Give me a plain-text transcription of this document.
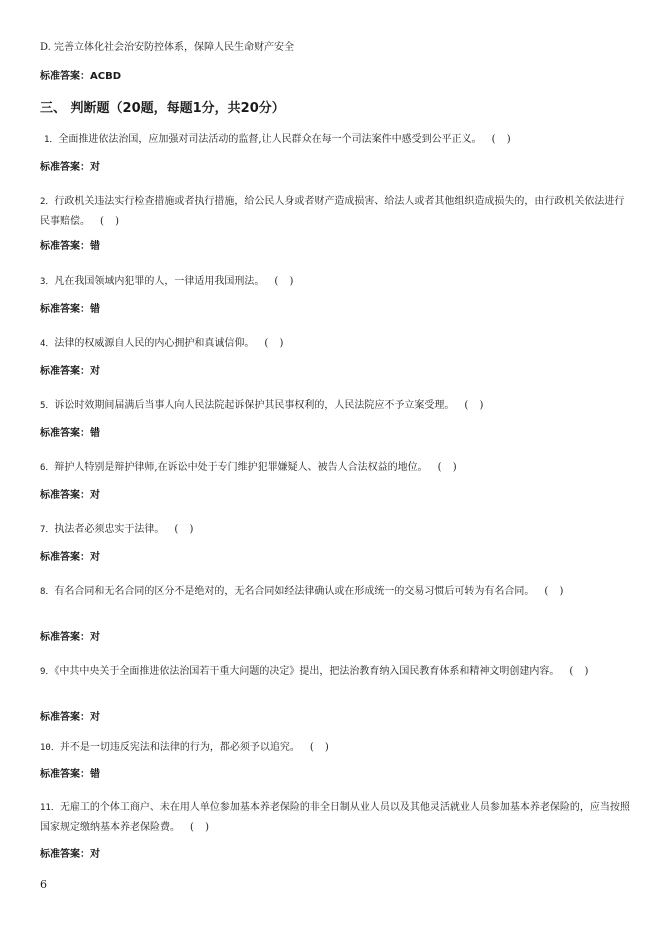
D. 完善立体化社会治安防控体系，保障人民生命财产安全
标准答案：ACBD
三、 判断题（20题，每题1分，共20分）
1．全面推进依法治国，应加强对司法活动的监督,让人民群众在每一个司法案件中感受到公平正义。 ( )
标准答案：对
2．行政机关违法实行检查措施或者执行措施，给公民人身或者财产造成损害、给法人或者其他组织造成损失的，由行政机关依法进行民事赔偿。 ( )
标准答案：错
3．凡在我国领域内犯罪的人，一律适用我国刑法。 ( )
标准答案：错
4．法律的权威源自人民的内心拥护和真诚信仰。 ( )
标准答案：对
5．诉讼时效期间届满后当事人向人民法院起诉保护其民事权利的，人民法院应不予立案受理。 ( )
标准答案：错
6．辩护人特别是辩护律师,在诉讼中处于专门维护犯罪嫌疑人、被告人合法权益的地位。 ( )
标准答案：对
7．执法者必须忠实于法律。 ( )
标准答案：对
8．有名合同和无名合同的区分不是绝对的，无名合同如经法律确认或在形成统一的交易习惯后可转为有名合同。 ( )
标准答案：对
9．《中共中央关于全面推进依法治国若干重大问题的决定》提出，把法治教育纳入国民教育体系和精神文明创建内容。 ( )
标准答案：对
10．并不是一切违反宪法和法律的行为，都必须予以追究。 ( )
标准答案：错
11．无雇工的个体工商户、未在用人单位参加基本养老保险的非全日制从业人员以及其他灵活就业人员参加基本养老保险的，应当按照国家规定缴纳基本养老保险费。 ( )
标准答案：对
6
